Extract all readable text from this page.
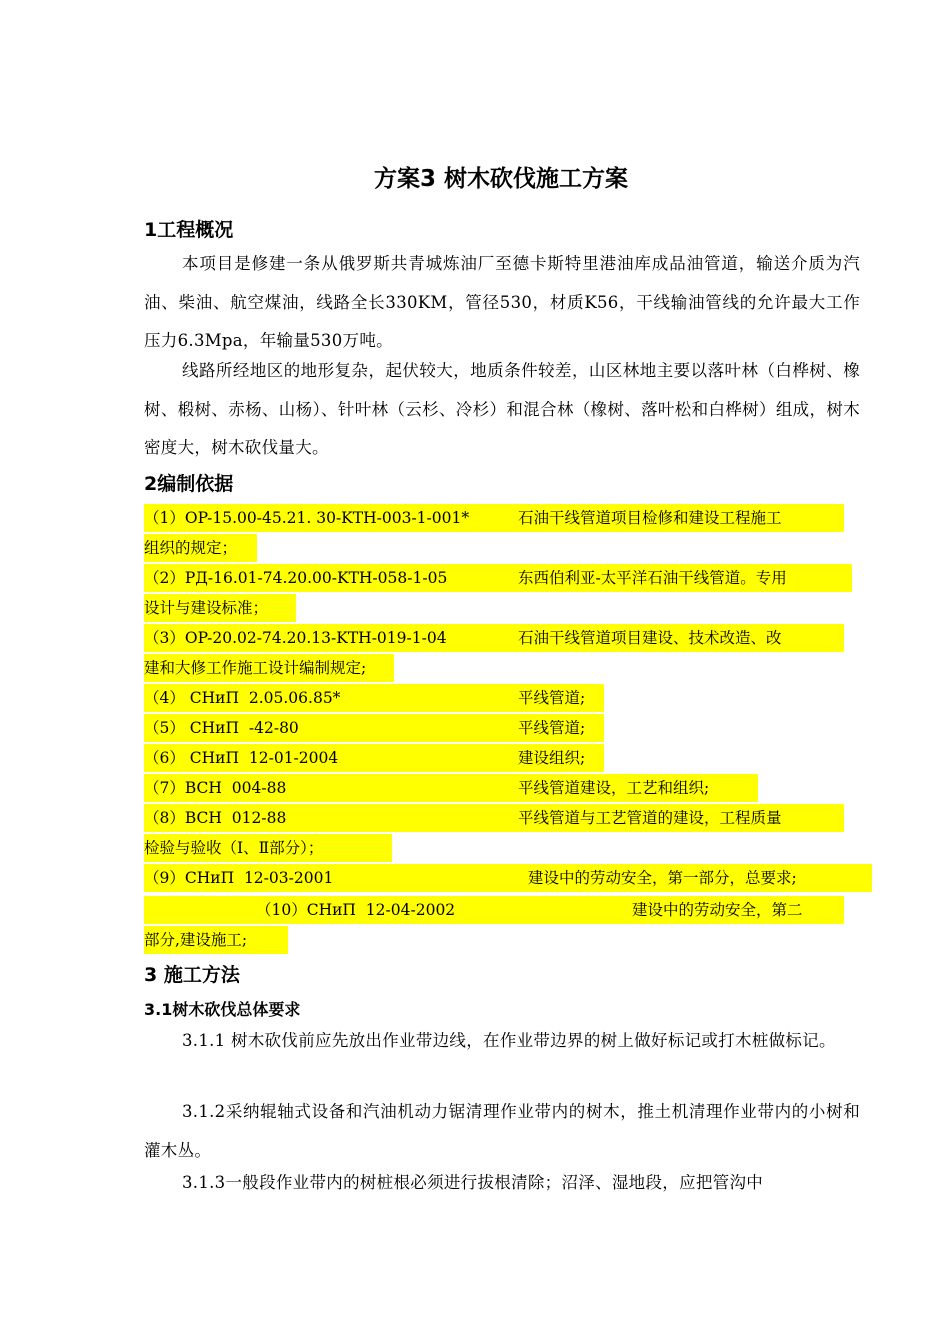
方案3 树木砍伐施工方案
1工程概况
本项目是修建一条从俄罗斯共青城炼油厂至德卡斯特里港油库成品油管道，输送介质为汽油、柴油、航空煤油，线路全长330KM，管径530，材质K56，干线输油管线的允许最大工作压力6.3Mpa，年输量530万吨。
线路所经地区的地形复杂，起伏较大，地质条件较差，山区林地主要以落叶林（白桦树、橡树、椴树、赤杨、山杨）、针叶林（云杉、冷杉）和混合林（橡树、落叶松和白桦树）组成，树木密度大，树木砍伐量大。
2编制依据

（1）OP-15.00-45.21. 30-KTH-003-1-001*

	石油干线管道项目检修和建设工程施工

组织的规定；

（2）РД-16.01-74.20.00-KTH-058-1-05

	东西伯利亚-太平洋石油干线管道。专用

设计与建设标准；

（3）OP-20.02-74.20.13-KTH-019-1-04

	石油干线管道项目建设、技术改造、改

建和大修工作施工设计编制规定;

（4） СНиП  2.05.06.85*

	平线管道;

（5） СНиП  -42-80

	平线管道;

（6） СНиП  12-01-2004

	建设组织;

（7）BCH  004-88

	平线管道建设，工艺和组织;

（8）BCH  012-88

	平线管道与工艺管道的建设，工程质量

检验与验收（Ⅰ、Ⅱ部分）；

（9）СНиП  12-03-2001

	建设中的劳动安全，第一部分，总要求;

（10）СНиП  12-04-2002

	建设中的劳动安全，第二

部分,建设施工;

3 施工方法
3.1树木砍伐总体要求
3.1.1 树木砍伐前应先放出作业带边线，在作业带边界的树上做好标记或打木桩做标记。
3.1.2采纳辊轴式设备和汽油机动力锯清理作业带内的树木，推土机清理作业带内的小树和灌木丛。
3.1.3一般段作业带内的树桩根必须进行拔根清除；沼泽、湿地段，应把管沟中
